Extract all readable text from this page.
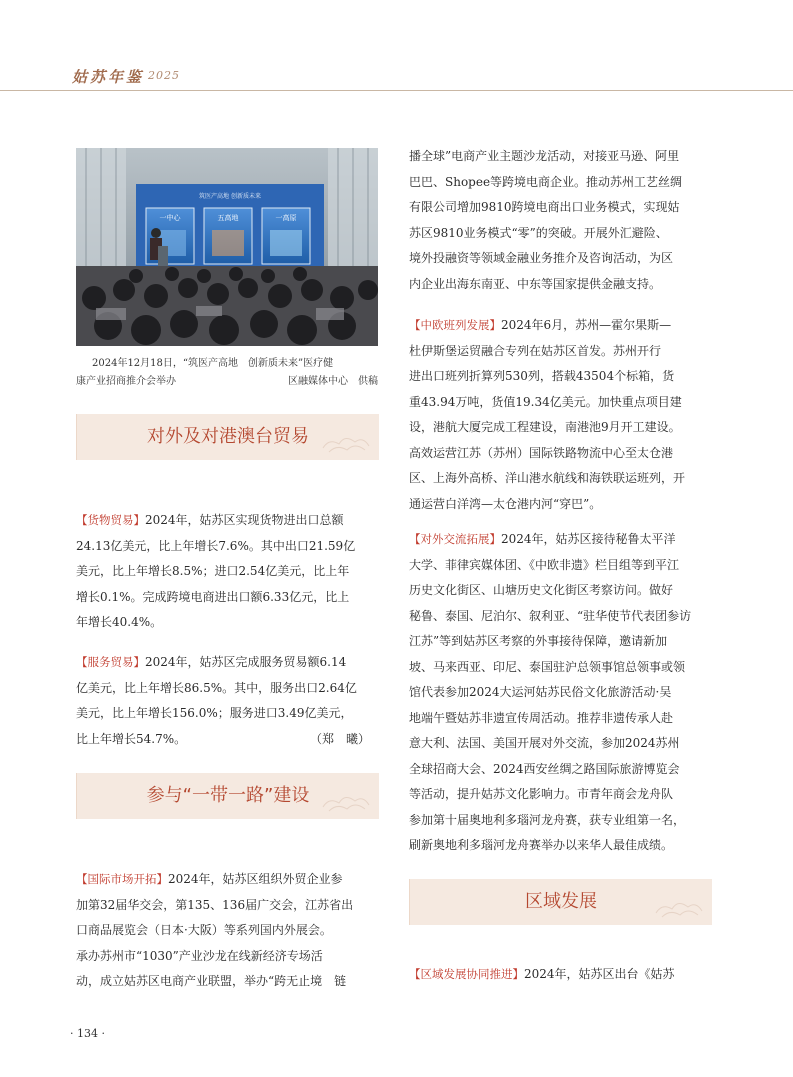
姑苏年鉴 2025
一中心	五高地	一高原
筑医产高地 创新质未来
2024年12月18日，“筑医产高地　创新质未来”医疗健
康产业招商推介会举办	区融媒体中心　供稿
对外及对港澳台贸易
【货物贸易】2024年，姑苏区实现货物进出口总额
24.13亿美元，比上年增长7.6%。其中出口21.59亿
美元，比上年增长8.5%；进口2.54亿美元，比上年
增长0.1%。完成跨境电商进出口额6.33亿元，比上
年增长40.4%。
【服务贸易】2024年，姑苏区完成服务贸易额6.14
亿美元，比上年增长86.5%。其中，服务出口2.64亿
美元，比上年增长156.0%；服务进口3.49亿美元，
比上年增长54.7%。	（郑　曦）
参与“一带一路”建设
【国际市场开拓】2024年，姑苏区组织外贸企业参
加第32届华交会，第135、136届广交会，江苏省出
口商品展览会（日本·大阪）等系列国内外展会。
承办苏州市“1030”产业沙龙在线新经济专场活
动，成立姑苏区电商产业联盟，举办“跨无止境　链
播全球”电商产业主题沙龙活动，对接亚马逊、阿里
巴巴、Shopee等跨境电商企业。推动苏州工艺丝绸
有限公司增加9810跨境电商出口业务模式，实现姑
苏区9810业务模式“零”的突破。开展外汇避险、
境外投融资等领域金融业务推介及咨询活动，为区
内企业出海东南亚、中东等国家提供金融支持。
【中欧班列发展】2024年6月，苏州—霍尔果斯—
杜伊斯堡运贸融合专列在姑苏区首发。苏州开行
进出口班列折算列530列，搭载43504个标箱，货
重43.94万吨，货值19.34亿美元。加快重点项目建
设，港航大厦完成工程建设，南港池9月开工建设。
高效运营江苏（苏州）国际铁路物流中心至太仓港
区、上海外高桥、洋山港水航线和海铁联运班列，开
通运营白洋湾—太仓港内河“穿巴”。
【对外交流拓展】2024年，姑苏区接待秘鲁太平洋
大学、菲律宾媒体团、《中欧非遗》栏目组等到平江
历史文化街区、山塘历史文化街区考察访问。做好
秘鲁、泰国、尼泊尔、叙利亚、“驻华使节代表团参访
江苏”等到姑苏区考察的外事接待保障，邀请新加
坡、马来西亚、印尼、泰国驻沪总领事馆总领事或领
馆代表参加2024大运河姑苏民俗文化旅游活动·吴
地端午暨姑苏非遗宣传周活动。推荐非遗传承人赴
意大利、法国、美国开展对外交流，参加2024苏州
全球招商大会、2024西安丝绸之路国际旅游博览会
等活动，提升姑苏文化影响力。市青年商会龙舟队
参加第十届奥地利多瑙河龙舟赛，获专业组第一名，
刷新奥地利多瑙河龙舟赛举办以来华人最佳成绩。
区域发展
【区域发展协同推进】2024年，姑苏区出台《姑苏
· 134 ·
